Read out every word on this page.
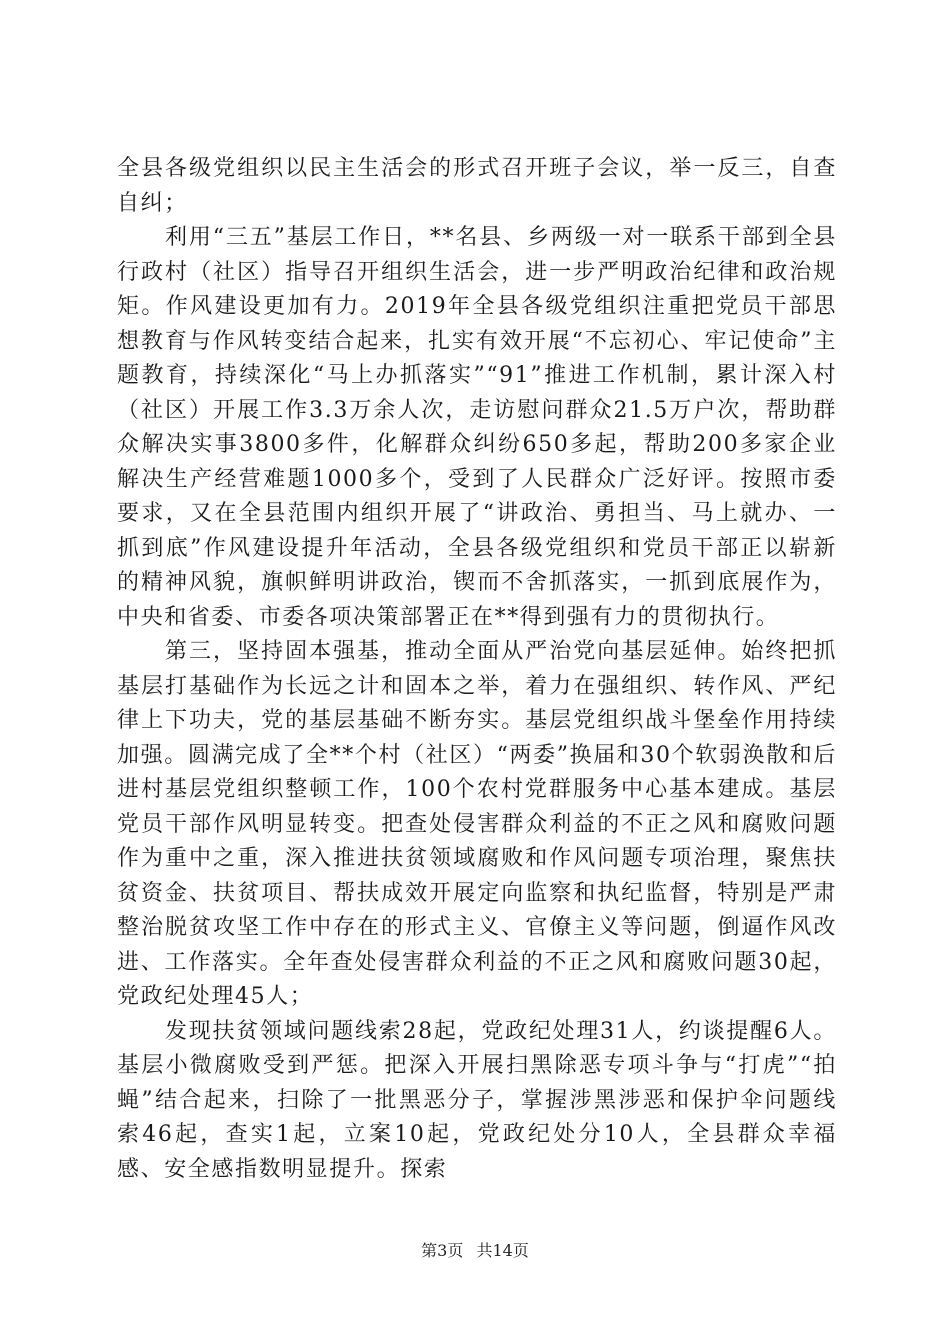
全县各级党组织以民主生活会的形式召开班子会议，举一反三，自查自纠；

利用“三五”基层工作日，**名县、乡两级一对一联系干部到全县行政村（社区）指导召开组织生活会，进一步严明政治纪律和政治规矩。作风建设更加有力。2019年全县各级党组织注重把党员干部思想教育与作风转变结合起来，扎实有效开展“不忘初心、牢记使命”主题教育，持续深化“马上办抓落实”“91”推进工作机制，累计深入村（社区）开展工作3.3万余人次，走访慰问群众21.5万户次，帮助群众解决实事3800多件，化解群众纠纷650多起，帮助200多家企业解决生产经营难题1000多个，受到了人民群众广泛好评。按照市委要求，又在全县范围内组织开展了“讲政治、勇担当、马上就办、一抓到底”作风建设提升年活动，全县各级党组织和党员干部正以崭新的精神风貌，旗帜鲜明讲政治，锲而不舍抓落实，一抓到底展作为，中央和省委、市委各项决策部署正在**得到强有力的贯彻执行。

第三，坚持固本强基，推动全面从严治党向基层延伸。始终把抓基层打基础作为长远之计和固本之举，着力在强组织、转作风、严纪律上下功夫，党的基层基础不断夯实。基层党组织战斗堡垒作用持续加强。圆满完成了全**个村（社区）“两委”换届和30个软弱涣散和后进村基层党组织整顿工作，100个农村党群服务中心基本建成。基层党员干部作风明显转变。把查处侵害群众利益的不正之风和腐败问题作为重中之重，深入推进扶贫领域腐败和作风问题专项治理，聚焦扶贫资金、扶贫项目、帮扶成效开展定向监察和执纪监督，特别是严肃整治脱贫攻坚工作中存在的形式主义、官僚主义等问题，倒逼作风改进、工作落实。全年查处侵害群众利益的不正之风和腐败问题30起，党政纪处理45人；

发现扶贫领域问题线索28起，党政纪处理31人，约谈提醒6人。基层小微腐败受到严惩。把深入开展扫黑除恶专项斗争与“打虎”“拍蝇”结合起来，扫除了一批黑恶分子，掌握涉黑涉恶和保护伞问题线索46起，查实1起，立案10起，党政纪处分10人，全县群众幸福感、安全感指数明显提升。探索

第3页 共14页
